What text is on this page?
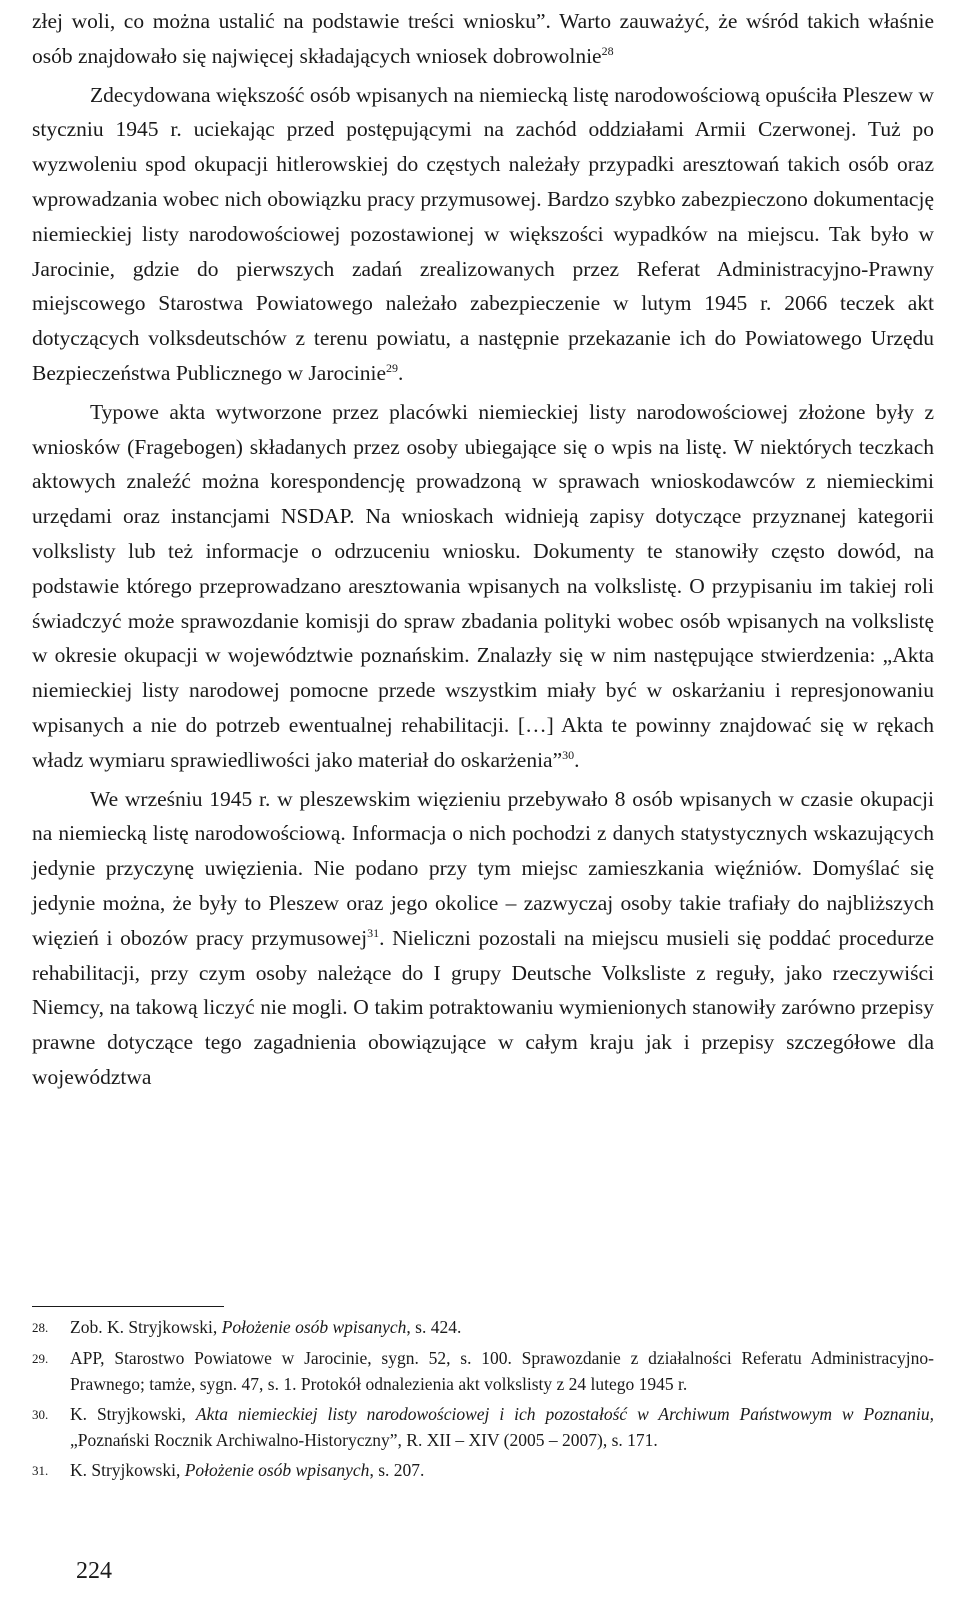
złej woli, co można ustalić na podstawie treści wniosku”. Warto zauważyć, że wśród takich właśnie osób znajdowało się najwięcej składających wniosek dobrowolnie$^{28}$

Zdecydowana większość osób wpisanych na niemiecką listę narodowościową opuściła Pleszew w styczniu 1945 r. uciekając przed postępującymi na zachód oddziałami Armii Czerwonej. Tuż po wyzwoleniu spod okupacji hitlerowskiej do częstych należały przypadki aresztowań takich osób oraz wprowadzania wobec nich obowiązku pracy przymusowej. Bardzo szybko zabezpieczono dokumentację niemieckiej listy narodowościowej pozostawionej w większości wypadków na miejscu. Tak było w Jarocinie, gdzie do pierwszych zadań zrealizowanych przez Referat Administracyjno-Prawny miejscowego Starostwa Powiatowego należało zabezpieczenie w lutym 1945 r. 2066 teczek akt dotyczących volksdeutschów z terenu powiatu, a następnie przekazanie ich do Powiatowego Urzędu Bezpieczeństwa Publicznego w Jarocinie$^{29}$.

Typowe akta wytworzone przez placówki niemieckiej listy narodowościowej złożone były z wniosków (Fragebogen) składanych przez osoby ubiegające się o wpis na listę. W niektórych teczkach aktowych znaleźć można korespondencję prowadzoną w sprawach wnioskodawców z niemieckimi urzędami oraz instancjami NSDAP. Na wnioskach widnieją zapisy dotyczące przyznanej kategorii volkslisty lub też informacje o odrzuceniu wniosku. Dokumenty te stanowiły często dowód, na podstawie którego przeprowadzano aresztowania wpisanych na volkslistę. O przypisaniu im takiej roli świadczyć może sprawozdanie komisji do spraw zbadania polityki wobec osób wpisanych na volkslistę w okresie okupacji w województwie poznańskim. Znalazły się w nim następujące stwierdzenia: „Akta niemieckiej listy narodowej pomocne przede wszystkim miały być w oskarżaniu i represjonowaniu wpisanych a nie do potrzeb ewentualnej rehabilitacji. […] Akta te powinny znajdować się w rękach władz wymiaru sprawiedliwości jako materiał do oskarżenia”$^{30}$.

We wrześniu 1945 r. w pleszewskim więzieniu przebywało 8 osób wpisanych w czasie okupacji na niemiecką listę narodowościową. Informacja o nich pochodzi z danych statystycznych wskazujących jedynie przyczynę uwięzienia. Nie podano przy tym miejsc zamieszkania więźniów. Domyślać się jedynie można, że były to Pleszew oraz jego okolice – zazwyczaj osoby takie trafiały do najbliższych więzień i obozów pracy przymusowej$^{31}$. Nieliczni pozostali na miejscu musieli się poddać procedurze rehabilitacji, przy czym osoby należące do I grupy Deutsche Volksliste z reguły, jako rzeczywiści Niemcy, na takową liczyć nie mogli. O takim potraktowaniu wymienionych stanowiły zarówno przepisy prawne dotyczące tego zagadnienia obowiązujące w całym kraju jak i przepisy szczegółowe dla województwa

28.	Zob. K. Stryjkowski, Położenie osób wpisanych, s. 424.
29.	APP, Starostwo Powiatowe w Jarocinie, sygn. 52, s. 100. Sprawozdanie z działalności Referatu Administracyjno-Prawnego; tamże, sygn. 47, s. 1. Protokół odnalezienia akt volkslisty z 24 lutego 1945 r.
30.	K. Stryjkowski, Akta niemieckiej listy narodowościowej i ich pozostałość w Archiwum Państwowym w Poznaniu, „Poznański Rocznik Archiwalno-Historyczny”, R. XII – XIV (2005 – 2007), s. 171.
31.	K. Stryjkowski, Położenie osób wpisanych, s. 207.
224
